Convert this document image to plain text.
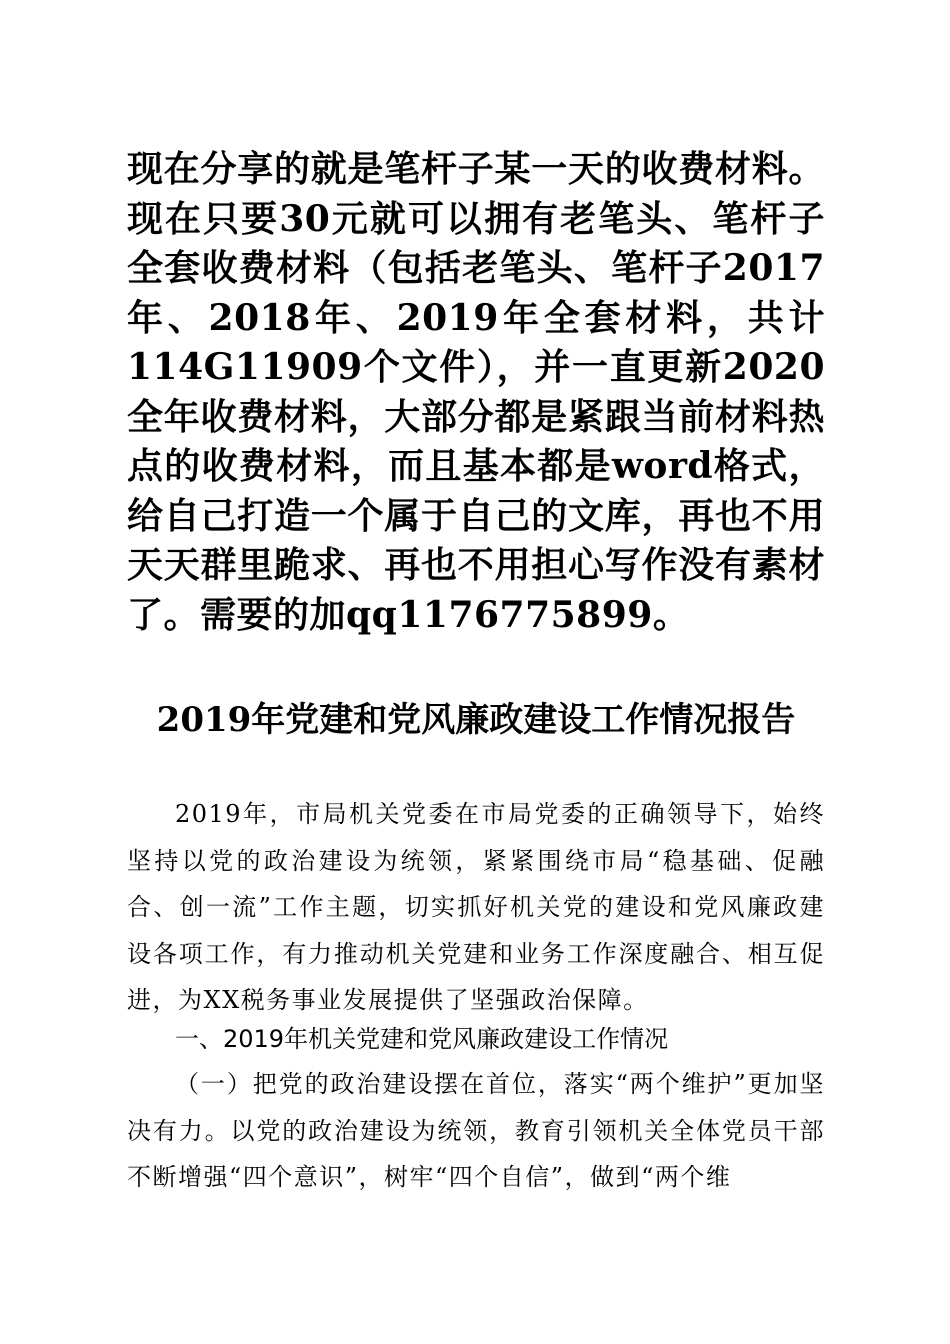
现在分享的就是笔杆子某一天的收费材料。现在只要30元就可以拥有老笔头、笔杆子全套收费材料（包括老笔头、笔杆子2017年、2018年、2019年全套材料，共计114G11909个文件），并一直更新2020全年收费材料，大部分都是紧跟当前材料热点的收费材料，而且基本都是word格式，给自己打造一个属于自己的文库，再也不用天天群里跪求、再也不用担心写作没有素材了。需要的加qq1176775899。
2019年党建和党风廉政建设工作情况报告
2019年，市局机关党委在市局党委的正确领导下，始终坚持以党的政治建设为统领，紧紧围绕市局“稳基础、促融合、创一流”工作主题，切实抓好机关党的建设和党风廉政建设各项工作，有力推动机关党建和业务工作深度融合、相互促进，为XX税务事业发展提供了坚强政治保障。
一、2019年机关党建和党风廉政建设工作情况
（一）把党的政治建设摆在首位，落实“两个维护”更加坚决有力。以党的政治建设为统领，教育引领机关全体党员干部不断增强“四个意识”，树牢“四个自信”，做到“两个维
